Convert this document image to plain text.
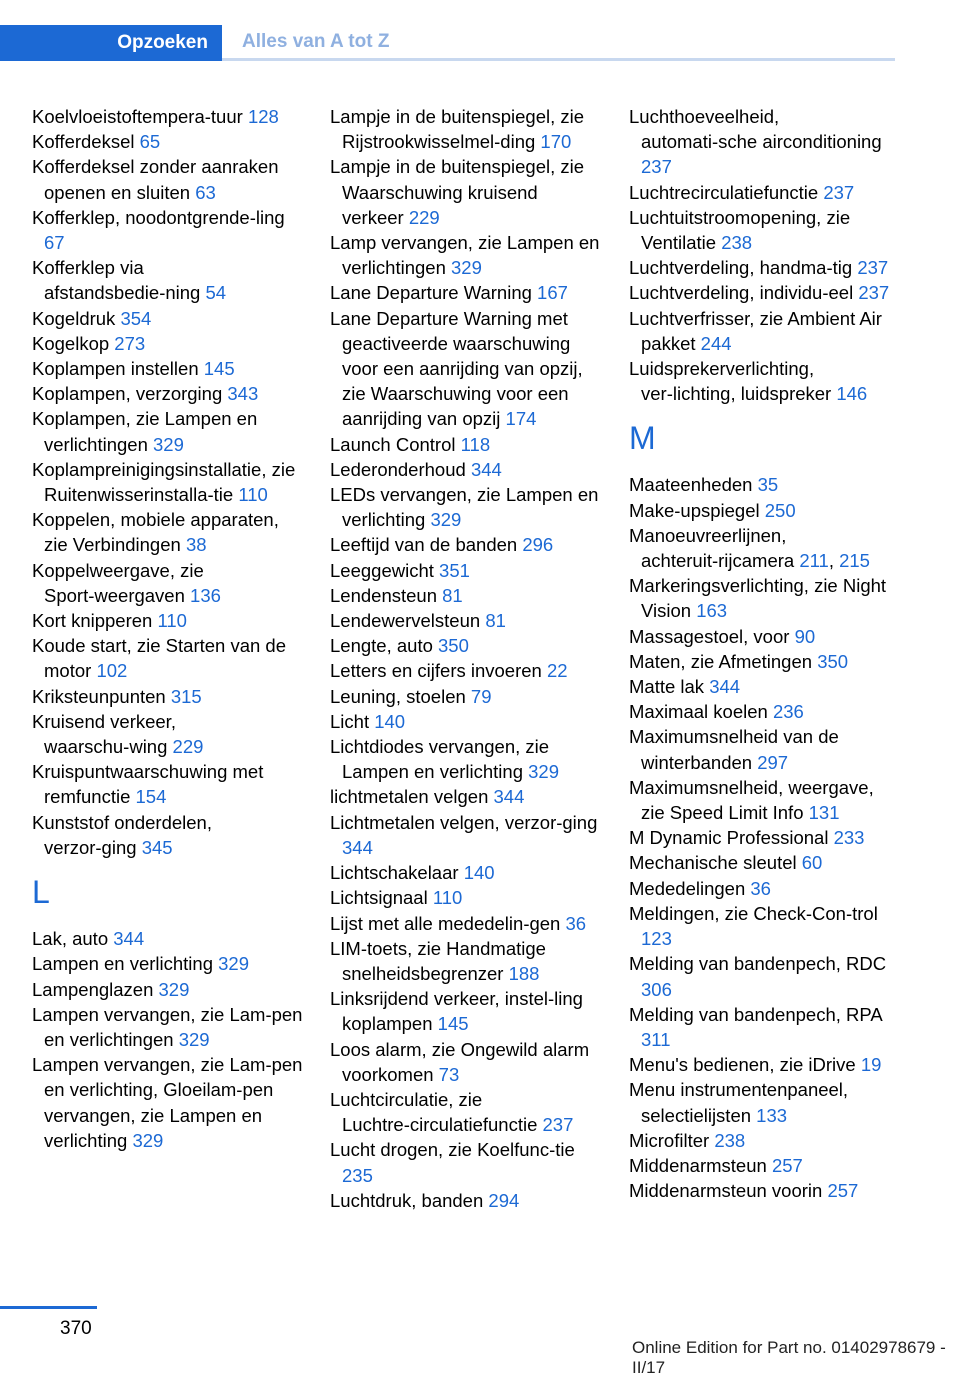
Opzoeken	Alles van A tot Z
Koelvloeistoftempera‑tuur 128
Kofferdeksel 65
Kofferdeksel zonder aanraken openen en sluiten 63
Kofferklep, noodontgrende‑ling 67
Kofferklep via afstandsbedie‑ning 54
Kogeldruk 354
Kogelkop 273
Koplampen instellen 145
Koplampen, verzorging 343
Koplampen, zie Lampen en verlichtingen 329
Koplampreinigingsinstallatie, zie Ruitenwisserinstalla‑tie 110
Koppelen, mobiele apparaten, zie Verbindingen 38
Koppelweergave, zie Sport‑weergaven 136
Kort knipperen 110
Koude start, zie Starten van de motor 102
Kriksteunpunten 315
Kruisend verkeer, waarschu‑wing 229
Kruispuntwaarschuwing met remfunctie 154
Kunststof onderdelen, verzor‑ging 345
L
Lak, auto 344
Lampen en verlichting 329
Lampenglazen 329
Lampen vervangen, zie Lam‑pen en verlichtingen 329
Lampen vervangen, zie Lam‑pen en verlichting, Gloeilam‑pen vervangen, zie Lampen en verlichting 329
Lampje in de buitenspiegel, zie Rijstrookwisselmel‑ding 170
Lampje in de buitenspiegel, zie Waarschuwing kruisend verkeer 229
Lamp vervangen, zie Lampen en verlichtingen 329
Lane Departure Warning 167
Lane Departure Warning met geactiveerde waarschuwing voor een aanrijding van opzij, zie Waarschuwing voor een aanrijding van opzij 174
Launch Control 118
Lederonderhoud 344
LEDs vervangen, zie Lampen en verlichting 329
Leeftijd van de banden 296
Leeggewicht 351
Lendensteun 81
Lendewervelsteun 81
Lengte, auto 350
Letters en cijfers invoeren 22
Leuning, stoelen 79
Licht 140
Lichtdiodes vervangen, zie Lampen en verlichting 329
lichtmetalen velgen 344
Lichtmetalen velgen, verzor‑ging 344
Lichtschakelaar 140
Lichtsignaal 110
Lijst met alle mededelin‑gen 36
LIM-toets, zie Handmatige snelheidsbegrenzer 188
Linksrijdend verkeer, instel‑ling koplampen 145
Loos alarm, zie Ongewild alarm voorkomen 73
Luchtcirculatie, zie Luchtre‑circulatiefunctie 237
Lucht drogen, zie Koelfunc‑tie 235
Luchtdruk, banden 294
Luchthoeveelheid, automati‑sche airconditioning 237
Luchtrecirculatiefunctie 237
Luchtuitstroomopening, zie Ventilatie 238
Luchtverdeling, handma‑tig 237
Luchtverdeling, individu‑eel 237
Luchtverfrisser, zie Ambient Air pakket 244
Luidsprekerverlichting, ver‑lichting, luidspreker 146
M
Maateenheden 35
Make-upspiegel 250
Manoeuvreerlijnen, achteruit‑rijcamera 211, 215
Markeringsverlichting, zie Night Vision 163
Massagestoel, voor 90
Maten, zie Afmetingen 350
Matte lak 344
Maximaal koelen 236
Maximumsnelheid van de winterbanden 297
Maximumsnelheid, weergave, zie Speed Limit Info 131
M Dynamic Professional 233
Mechanische sleutel 60
Mededelingen 36
Meldingen, zie Check-Con‑trol 123
Melding van bandenpech, RDC 306
Melding van bandenpech, RPA 311
Menu's bedienen, zie iDrive 19
Menu instrumentenpaneel, selectielijsten 133
Microfilter 238
Middenarmsteun 257
Middenarmsteun voorin 257
370
Online Edition for Part no. 01402978679 - II/17
